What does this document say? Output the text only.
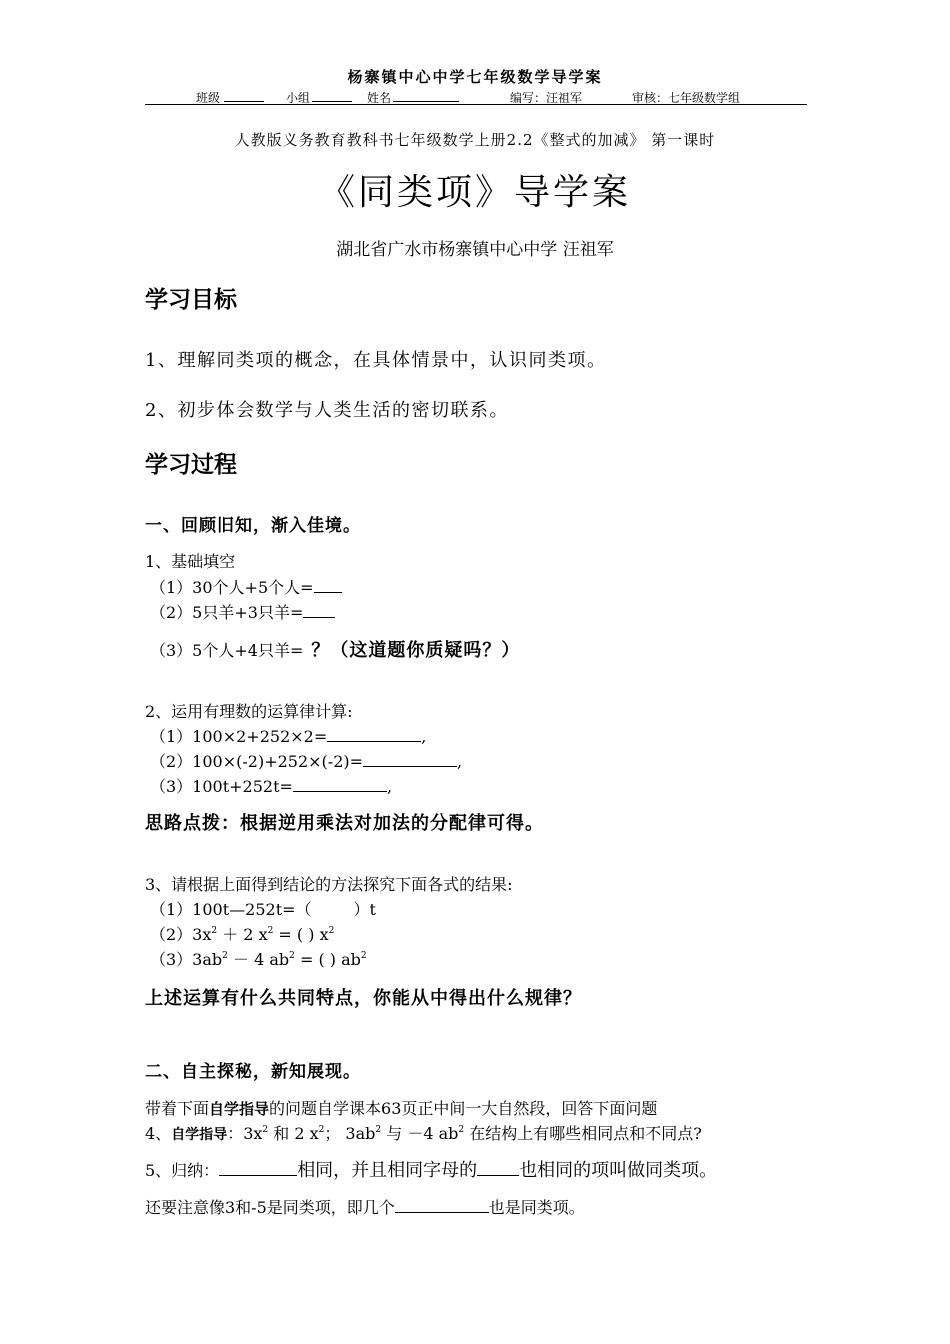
杨寨镇中心中学七年级数学导学案
班级	小组	姓名	编写：汪祖军	审核：七年级数学组
人教版义务教育教科书七年级数学上册2.2《整式的加减》 第一课时
《同类项》导学案
湖北省广水市杨寨镇中心中学 汪祖军
学习目标
1、理解同类项的概念，在具体情景中，认识同类项。
2、初步体会数学与人类生活的密切联系。
学习过程
一、回顾旧知，渐入佳境。
1、基础填空
（1）30个人+5个人=
（2）5只羊+3只羊=
（3）5个人+4只羊= ？（这道题你质疑吗？）
2、运用有理数的运算律计算:
（1）100×2+252×2=	,
（2）100×(-2)+252×(-2)=	,
（3）100t+252t=	,
思路点拨：根据逆用乘法对加法的分配律可得。
3、请根据上面得到结论的方法探究下面各式的结果:
（1）100t—252t=（	）t
$(2)3x^2 + 2$ $x^2$ = ( ) $x^2$
$(3)3ab^2 - 4$ $ab^2$ = ( ) $ab^2$
上述运算有什么共同特点，你能从中得出什么规律？
二、自主探秘，新知展现。
带着下面自学指导的问题自学课本63页正中间一大自然段，回答下面问题
4、自学指导：$3x^2$ 和 2 $x^2$； $3ab^2$ 与 －4 $ab^2$ 在结构上有哪些相同点和不同点?
5、归纳：	相同，并且相同字母的 也相同的项叫做同类项。
还要注意像3和-5是同类项，即几个	也是同类项。
